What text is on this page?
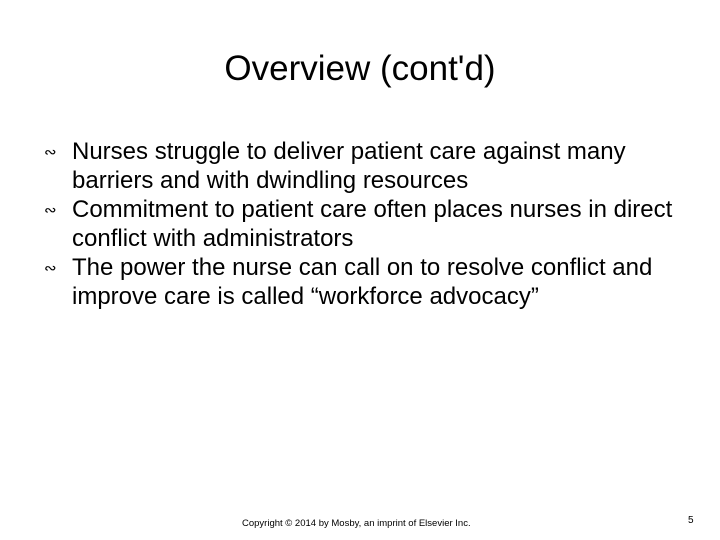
Overview (cont'd)
∾ Nurses struggle to deliver patient care against many barriers and with dwindling resources
∾ Commitment to patient care often places nurses in direct conflict with administrators
∾ The power the nurse can call on to resolve conflict and improve care is called “workforce advocacy”
Copyright © 2014 by Mosby, an imprint of Elsevier Inc.	5
